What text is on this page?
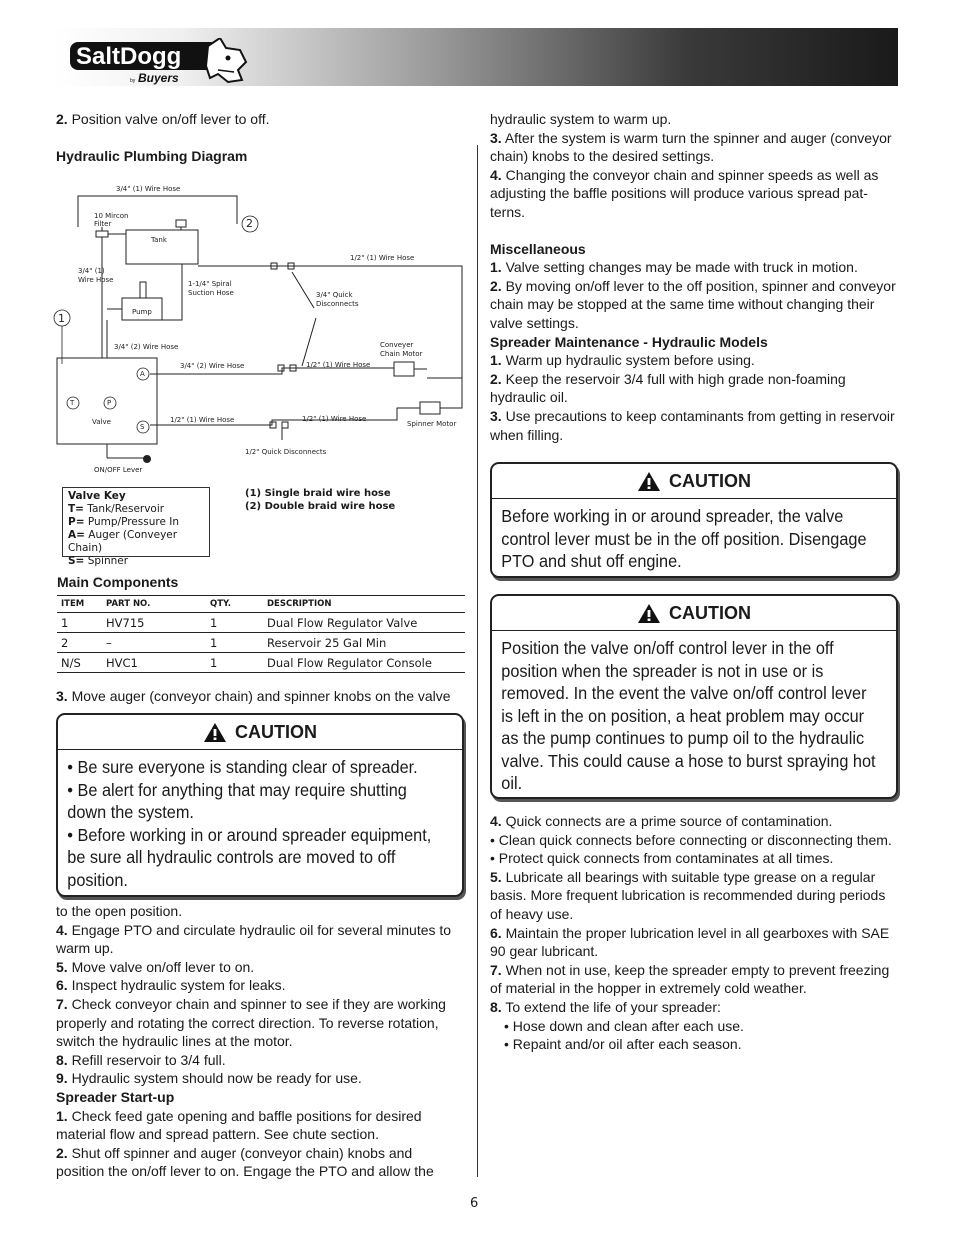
SaltDogg
by Buyers

2. Position valve on/off lever to off.

Hydraulic Plumbing Diagram

3/4" (1) Wire Hose
10 Mircon
Filter
Tank
2
1
3/4" (1)
Wire Hose	1-1/4" Spiral
Suction Hose
Pump
1/2" (1) Wire Hose
3/4" Quick
Disconnects
3/4" (2) Wire Hose	Conveyer
Chain Motor
3/4" (2) Wire Hose	1/2" (1) Wire Hose
A
T	P
S
Valve	1/2" (1) Wire Hose	1/2" (1) Wire Hose
Spinner Motor
1/2" Quick Disconnects
ON/OFF Lever
Valve Key
T= Tank/Reservoir
P= Pump/Pressure In
A= Auger (Conveyer Chain)
S= Spinner
(1) Single braid wire hose
(2) Double braid wire hose
Main Components
ITEM	PART NO.	QTY.	DESCRIPTION
1	HV715	1	Dual Flow Regulator Valve
2	–	1	Reservoir 25 Gal Min
N/S	HVC1	1	Dual Flow Regulator Console

3. Move auger (conveyor chain) and spinner knobs on the valve

CAUTION

• Be sure everyone is standing clear of spreader.

• Be alert for anything that may require shutting down the system.

• Before working in or around spreader equipment, be sure all hydraulic controls are moved to off position.

to the open position.

4. Engage PTO and circulate hydraulic oil for several minutes to warm up.

5. Move valve on/off lever to on.

6. Inspect hydraulic system for leaks.

7. Check conveyor chain and spinner to see if they are working properly and rotating the correct direction. To reverse rotation, switch the hydraulic lines at the motor.

8. Refill reservoir to 3/4 full.

9. Hydraulic system should now be ready for use.

Spreader Start-up

1. Check feed gate opening and baffle positions for desired material flow and spread pattern. See chute section.

2. Shut off spinner and auger (conveyor chain) knobs and position the on/off lever to on. Engage the PTO and allow the

hydraulic system to warm up.

3. After the system is warm turn the spinner and auger (conveyor chain) knobs to the desired settings.

4. Changing the conveyor chain and spinner speeds as well as adjusting the baffle positions will produce various spread pat-terns.

Miscellaneous

1. Valve setting changes may be made with truck in motion.

2. By moving on/off lever to the off position, spinner and conveyor chain may be stopped at the same time without changing their valve settings.

Spreader Maintenance - Hydraulic Models

1. Warm up hydraulic system before using.

2. Keep the reservoir 3/4 full with high grade non-foaming hydraulic oil.

3. Use precautions to keep contaminants from getting in reservoir when filling.

CAUTION

Before working in or around spreader, the valve control lever must be in the off position. Disengage PTO and shut off engine.

CAUTION

Position the valve on/off control lever in the off position when the spreader is not in use or is removed. In the event the valve on/off control lever is left in the on position, a heat problem may occur as the pump continues to pump oil to the hydraulic valve. This could cause a hose to burst spraying hot oil.

4. Quick connects are a prime source of contamination.

• Clean quick connects before connecting or disconnecting them.

• Protect quick connects from contaminates at all times.

5. Lubricate all bearings with suitable type grease on a regular basis. More frequent lubrication is recommended during periods of heavy use.

6. Maintain the proper lubrication level in all gearboxes with SAE 90 gear lubricant.

7. When not in use, keep the spreader empty to prevent freezing of material in the hopper in extremely cold weather.

8. To extend the life of your spreader:

• Hose down and clean after each use.

• Repaint and/or oil after each season.

6
